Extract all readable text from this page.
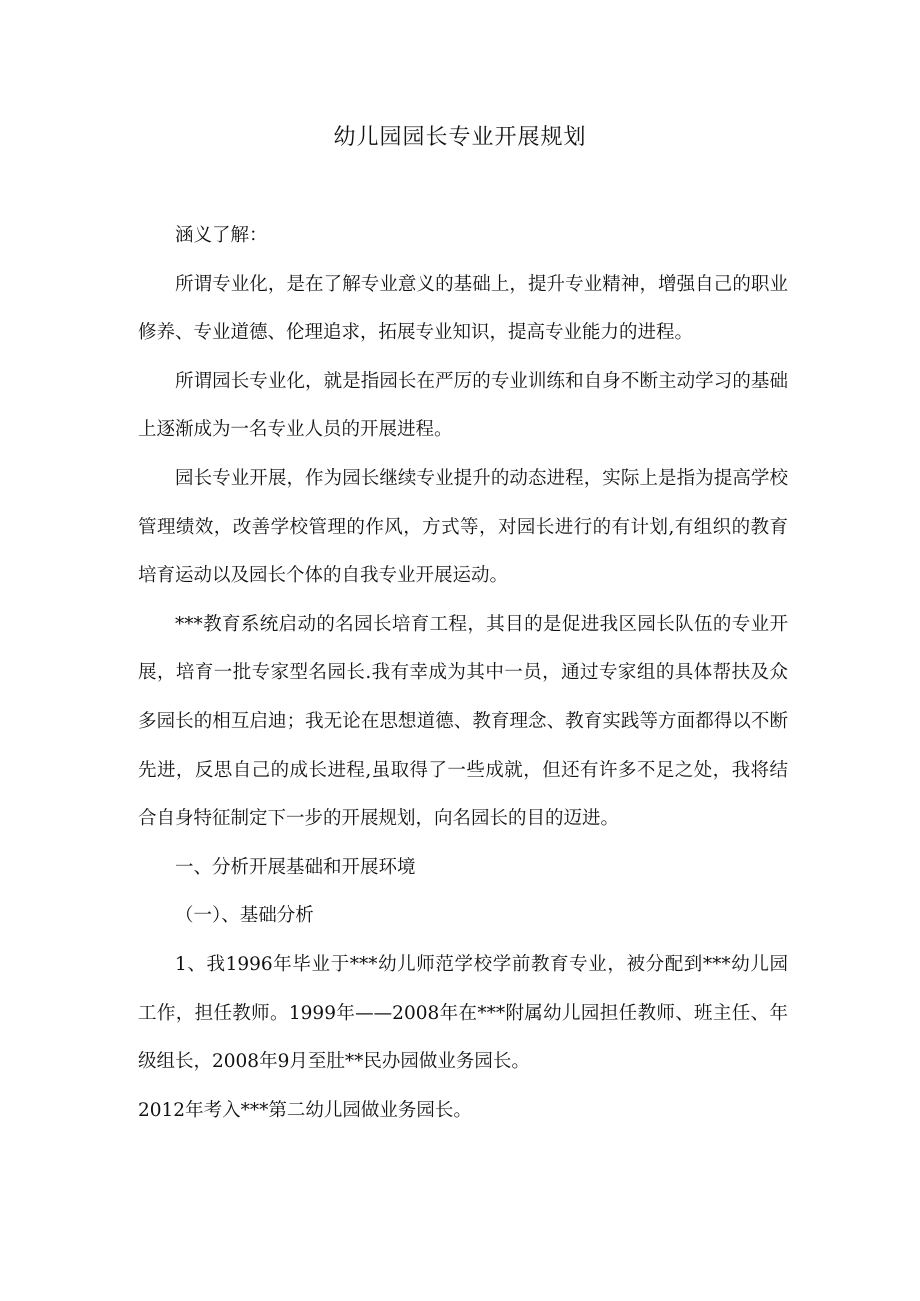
幼儿园园长专业开展规划

涵义了解：

所谓专业化，是在了解专业意义的基础上，提升专业精神，增强自己的职业修养、专业道德、伦理追求，拓展专业知识，提高专业能力的进程。

所谓园长专业化，就是指园长在严厉的专业训练和自身不断主动学习的基础上逐渐成为一名专业人员的开展进程。

园长专业开展，作为园长继续专业提升的动态进程，实际上是指为提高学校管理绩效，改善学校管理的作风，方式等，对园长进行的有计划,有组织的教育培育运动以及园长个体的自我专业开展运动。

***教育系统启动的名园长培育工程，其目的是促进我区园长队伍的专业开展，培育一批专家型名园长.我有幸成为其中一员，通过专家组的具体帮扶及众多园长的相互启迪；我无论在思想道德、教育理念、教育实践等方面都得以不断先进，反思自己的成长进程,虽取得了一些成就，但还有许多不足之处，我将结合自身特征制定下一步的开展规划，向名园长的目的迈进。

一、分析开展基础和开展环境

（一）、基础分析

1、我1996年毕业于***幼儿师范学校学前教育专业，被分配到***幼儿园工作，担任教师。1999年——2008年在***附属幼儿园担任教师、班主任、年级组长，2008年9月至肚**民办园做业务园长。

2012年考入***第二幼儿园做业务园长。
